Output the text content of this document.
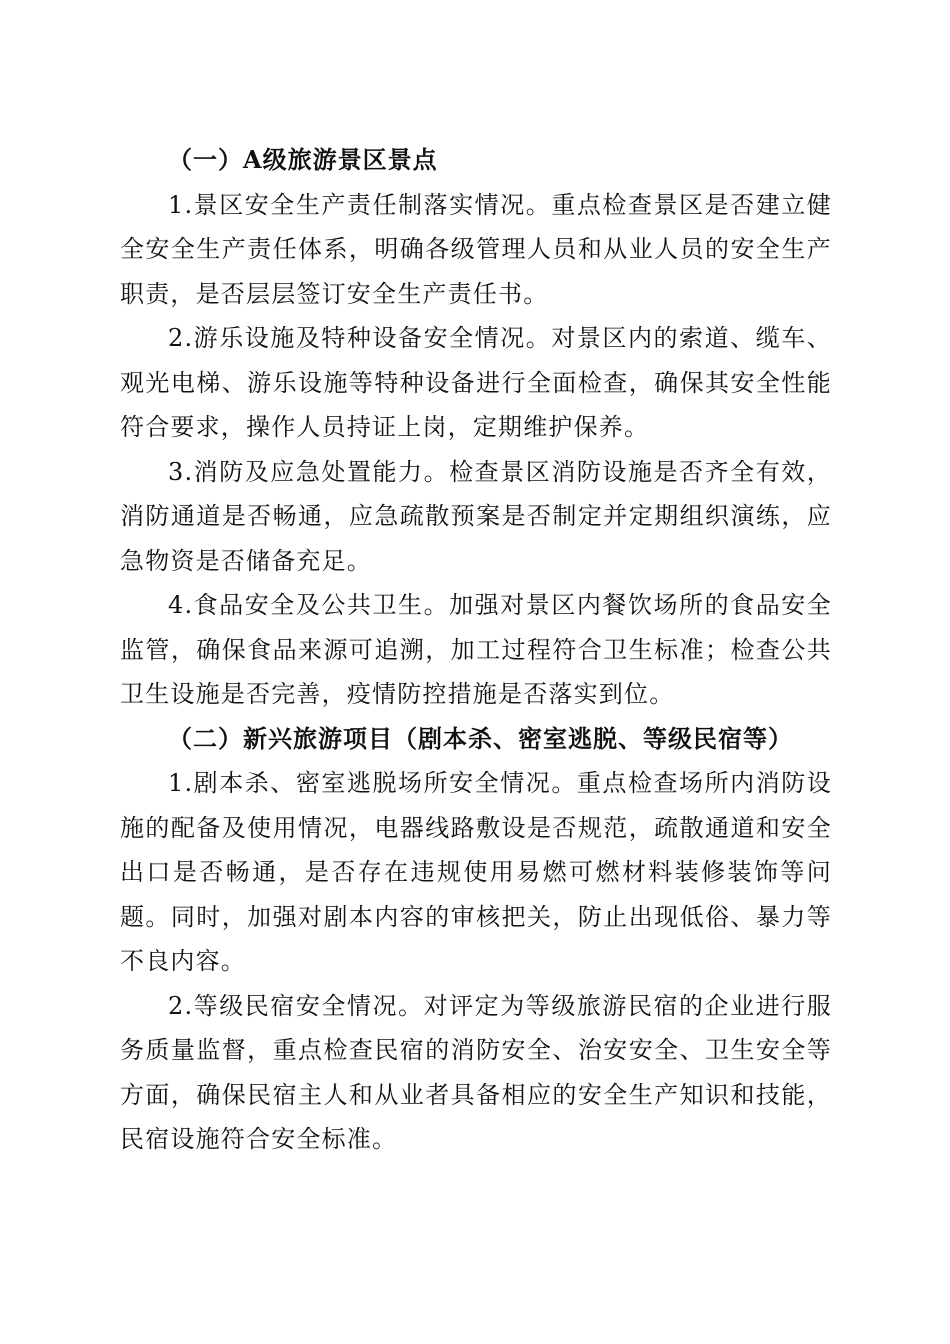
（一）A级旅游景区景点
1.景区安全生产责任制落实情况。重点检查景区是否建立健全安全生产责任体系，明确各级管理人员和从业人员的安全生产职责，是否层层签订安全生产责任书。
2.游乐设施及特种设备安全情况。对景区内的索道、缆车、观光电梯、游乐设施等特种设备进行全面检查，确保其安全性能符合要求，操作人员持证上岗，定期维护保养。
3.消防及应急处置能力。检查景区消防设施是否齐全有效，消防通道是否畅通，应急疏散预案是否制定并定期组织演练，应急物资是否储备充足。
4.食品安全及公共卫生。加强对景区内餐饮场所的食品安全监管，确保食品来源可追溯，加工过程符合卫生标准；检查公共卫生设施是否完善，疫情防控措施是否落实到位。
（二）新兴旅游项目（剧本杀、密室逃脱、等级民宿等）
1.剧本杀、密室逃脱场所安全情况。重点检查场所内消防设施的配备及使用情况，电器线路敷设是否规范，疏散通道和安全出口是否畅通，是否存在违规使用易燃可燃材料装修装饰等问题。同时，加强对剧本内容的审核把关，防止出现低俗、暴力等不良内容。
2.等级民宿安全情况。对评定为等级旅游民宿的企业进行服务质量监督，重点检查民宿的消防安全、治安安全、卫生安全等方面，确保民宿主人和从业者具备相应的安全生产知识和技能，民宿设施符合安全标准。
